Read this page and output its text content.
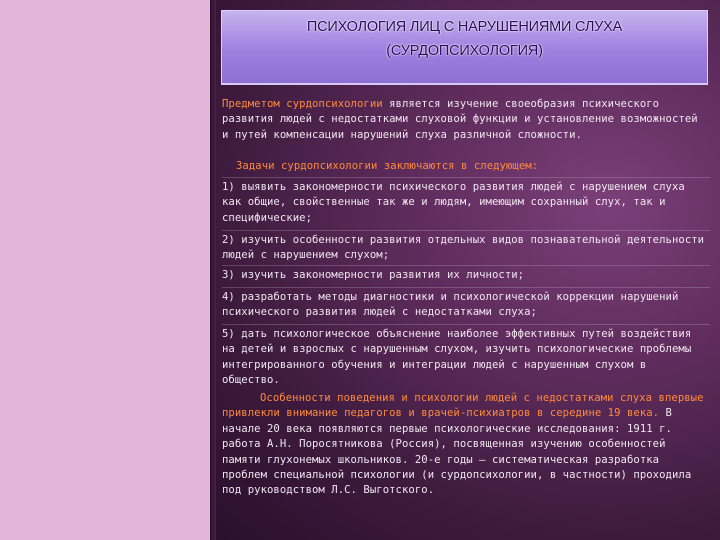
ПСИХОЛОГИЯ ЛИЦ С НАРУШЕНИЯМИ СЛУХА
(СУРДОПСИХОЛОГИЯ)

Предметом сурдопсихологии является изучение своеобразия психического развития людей с недостатками слуховой функции и установление возможностей и путей компенсации нарушений слуха различной сложности.

Задачи сурдопсихологии заключаются в следующем:

1) выявить закономерности психического развития людей с нарушением слуха как общие, свойственные так же и людям, имеющим сохранный слух, так и специфические;

2) изучить особенности развития отдельных видов познавательной деятельности людей с нарушением слухом;

3) изучить закономерности развития их личности;

4) разработать методы диагностики и психологической коррекции нарушений психического развития людей с недостатками слуха;

5) дать психологическое объяснение наиболее эффективных путей воздействия на детей и взрослых с нарушенным слухом, изучить психологические проблемы интегрированного обучения и интеграции людей с нарушенным слухом в общество.

Особенности поведения и психологии людей с недостатками слуха впервые привлекли внимание педагогов и врачей-психиатров в середине 19 века. В начале 20 века появляются первые психологические исследования: 1911 г. работа А.Н. Поросятникова (Россия), посвященная изучению особенностей памяти глухонемых школьников. 20-е годы – систематическая разработка проблем специальной психологии (и сурдопсихологии, в частности) проходила под руководством Л.С. Выготского.
